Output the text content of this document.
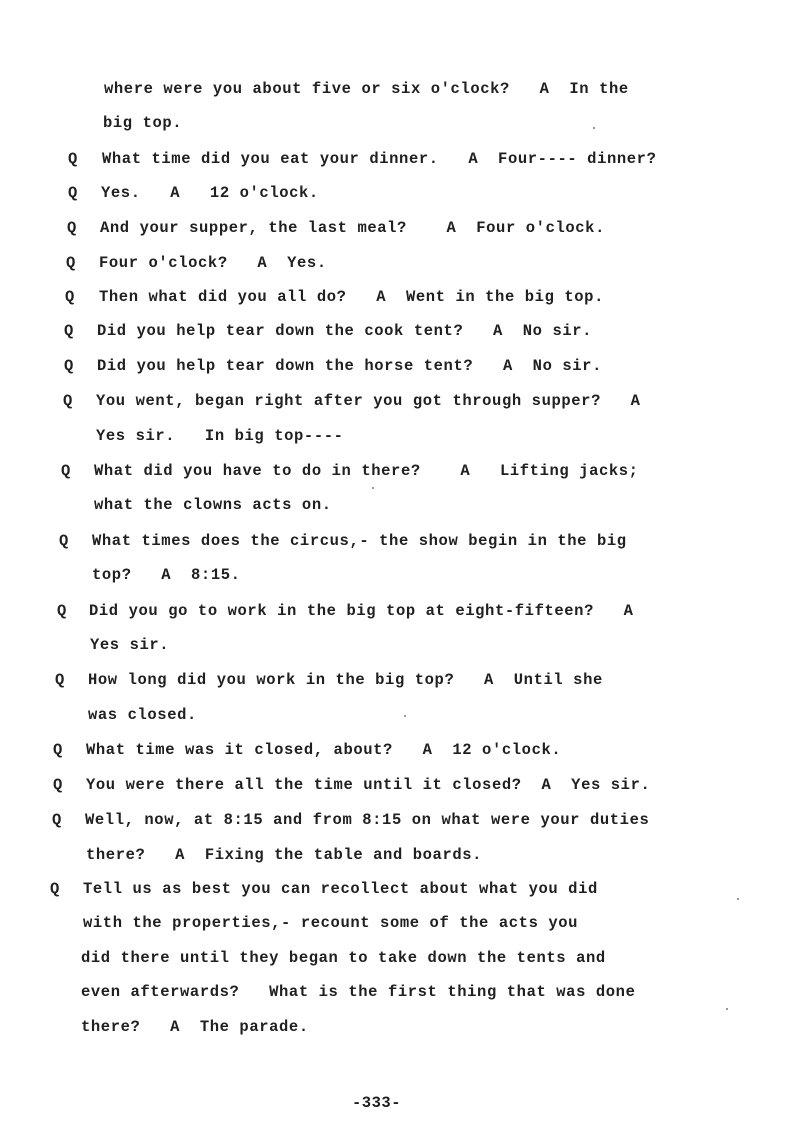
where were you about five or six o'clock?   A  In the
big top.
Q What time did you eat your dinner.   A  Four---- dinner?
Q Yes.   A   12 o'clock.
Q And your supper, the last meal?    A  Four o'clock.
Q Four o'clock?   A  Yes.
Q Then what did you all do?   A  Went in the big top.
Q Did you help tear down the cook tent?   A  No sir.
Q Did you help tear down the horse tent?   A  No sir.
Q You went, began right after you got through supper?   A
Yes sir.   In big top----
Q What did you have to do in there?    A   Lifting jacks;
what the clowns acts on.
Q What times does the circus,- the show begin in the big
top?   A  8:15.
Q Did you go to work in the big top at eight-fifteen?   A
Yes sir.
Q How long did you work in the big top?   A  Until she
was closed.
Q What time was it closed, about?   A  12 o'clock.
Q You were there all the time until it closed?  A  Yes sir.
Q Well, now, at 8:15 and from 8:15 on what were your duties
there?   A  Fixing the table and boards.
Q Tell us as best you can recollect about what you did
with the properties,- recount some of the acts you
did there until they began to take down the tents and
even afterwards?   What is the first thing that was done
there?   A  The parade.
-333-
